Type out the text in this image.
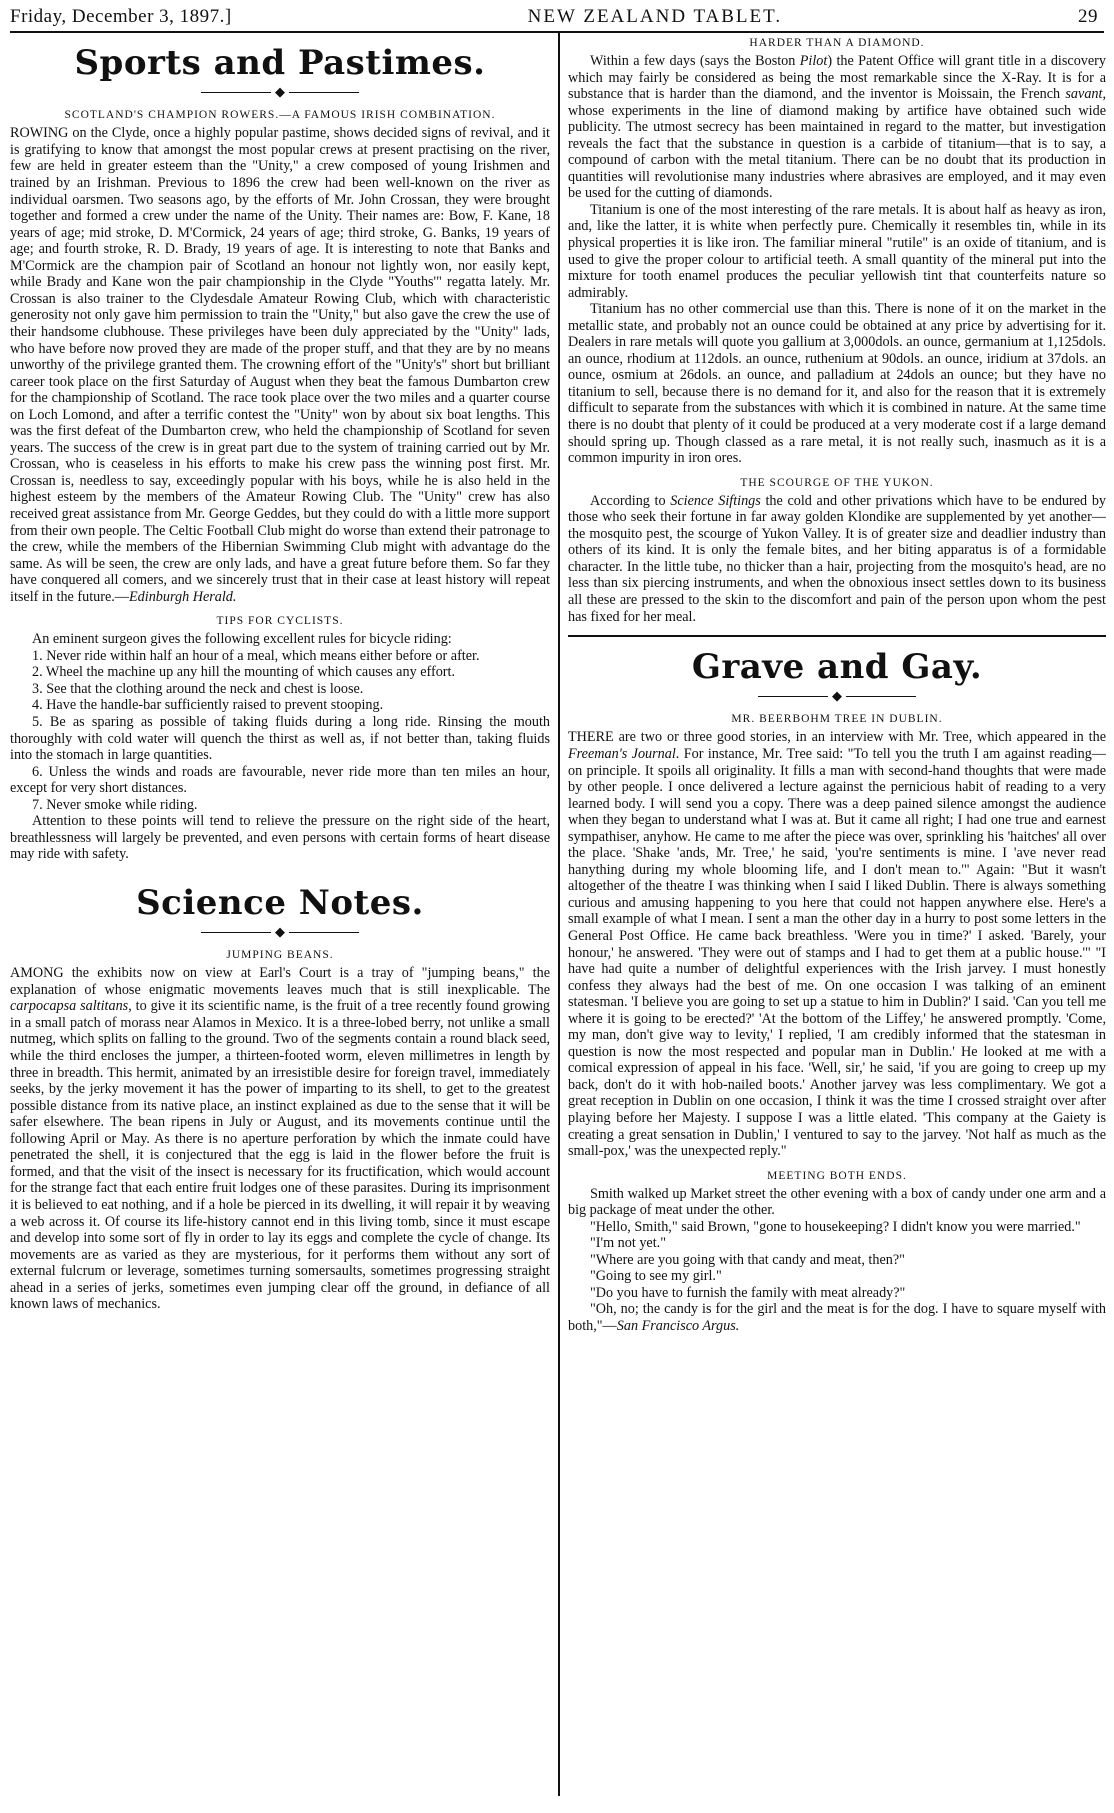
Friday, December 3, 1897.]	NEW ZEALAND TABLET.	29
Sports and Pastimes.
◆
SCOTLAND'S CHAMPION ROWERS.—A FAMOUS IRISH COMBINATION.

ROWING on the Clyde, once a highly popular pastime, shows decided signs of revival, and it is gratifying to know that amongst the most popular crews at present practising on the river, few are held in greater esteem than the "Unity," a crew composed of young Irishmen and trained by an Irishman. Previous to 1896 the crew had been well-known on the river as individual oarsmen. Two seasons ago, by the efforts of Mr. John Crossan, they were brought together and formed a crew under the name of the Unity. Their names are: Bow, F. Kane, 18 years of age; mid stroke, D. M'Cormick, 24 years of age; third stroke, G. Banks, 19 years of age; and fourth stroke, R. D. Brady, 19 years of age. It is interesting to note that Banks and M'Cormick are the champion pair of Scotland an honour not lightly won, nor easily kept, while Brady and Kane won the pair championship in the Clyde "Youths'" regatta lately. Mr. Crossan is also trainer to the Clydesdale Amateur Rowing Club, which with characteristic generosity not only gave him permission to train the "Unity," but also gave the crew the use of their handsome clubhouse. These privileges have been duly appreciated by the "Unity" lads, who have before now proved they are made of the proper stuff, and that they are by no means unworthy of the privilege granted them. The crowning effort of the "Unity's" short but brilliant career took place on the first Saturday of August when they beat the famous Dumbarton crew for the championship of Scotland. The race took place over the two miles and a quarter course on Loch Lomond, and after a terrific contest the "Unity" won by about six boat lengths. This was the first defeat of the Dumbarton crew, who held the championship of Scotland for seven years. The success of the crew is in great part due to the system of training carried out by Mr. Crossan, who is ceaseless in his efforts to make his crew pass the winning post first. Mr. Crossan is, needless to say, exceedingly popular with his boys, while he is also held in the highest esteem by the members of the Amateur Rowing Club. The "Unity" crew has also received great assistance from Mr. George Geddes, but they could do with a little more support from their own people. The Celtic Football Club might do worse than extend their patronage to the crew, while the members of the Hibernian Swimming Club might with advantage do the same. As will be seen, the crew are only lads, and have a great future before them. So far they have conquered all comers, and we sincerely trust that in their case at least history will repeat itself in the future.—Edinburgh Herald.

TIPS FOR CYCLISTS.

An eminent surgeon gives the following excellent rules for bicycle riding:

1. Never ride within half an hour of a meal, which means either before or after.

2. Wheel the machine up any hill the mounting of which causes any effort.

3. See that the clothing around the neck and chest is loose.

4. Have the handle-bar sufficiently raised to prevent stooping.

5. Be as sparing as possible of taking fluids during a long ride. Rinsing the mouth thoroughly with cold water will quench the thirst as well as, if not better than, taking fluids into the stomach in large quantities.

6. Unless the winds and roads are favourable, never ride more than ten miles an hour, except for very short distances.

7. Never smoke while riding.

Attention to these points will tend to relieve the pressure on the right side of the heart, breathlessness will largely be prevented, and even persons with certain forms of heart disease may ride with safety.

Science Notes.
◆
JUMPING BEANS.

AMONG the exhibits now on view at Earl's Court is a tray of "jumping beans," the explanation of whose enigmatic movements leaves much that is still inexplicable. The carpocapsa saltitans, to give it its scientific name, is the fruit of a tree recently found growing in a small patch of morass near Alamos in Mexico. It is a three-lobed berry, not unlike a small nutmeg, which splits on falling to the ground. Two of the segments contain a round black seed, while the third encloses the jumper, a thirteen-footed worm, eleven millimetres in length by three in breadth. This hermit, animated by an irresistible desire for foreign travel, immediately seeks, by the jerky movement it has the power of imparting to its shell, to get to the greatest possible distance from its native place, an instinct explained as due to the sense that it will be safer elsewhere. The bean ripens in July or August, and its movements continue until the following April or May. As there is no aperture perforation by which the inmate could have penetrated the shell, it is conjectured that the egg is laid in the flower before the fruit is formed, and that the visit of the insect is necessary for its fructification, which would account for the strange fact that each entire fruit lodges one of these parasites. During its imprisonment it is believed to eat nothing, and if a hole be pierced in its dwelling, it will repair it by weaving a web across it. Of course its life-history cannot end in this living tomb, since it must escape and develop into some sort of fly in order to lay its eggs and complete the cycle of change. Its movements are as varied as they are mysterious, for it performs them without any sort of external fulcrum or leverage, sometimes turning somersaults, sometimes progressing straight ahead in a series of jerks, sometimes even jumping clear off the ground, in defiance of all known laws of mechanics.

HARDER THAN A DIAMOND.

Within a few days (says the Boston Pilot) the Patent Office will grant title in a discovery which may fairly be considered as being the most remarkable since the X-Ray. It is for a substance that is harder than the diamond, and the inventor is Moissain, the French savant, whose experiments in the line of diamond making by artifice have obtained such wide publicity. The utmost secrecy has been maintained in regard to the matter, but investigation reveals the fact that the substance in question is a carbide of titanium—that is to say, a compound of carbon with the metal titanium. There can be no doubt that its production in quantities will revolutionise many industries where abrasives are employed, and it may even be used for the cutting of diamonds.

Titanium is one of the most interesting of the rare metals. It is about half as heavy as iron, and, like the latter, it is white when perfectly pure. Chemically it resembles tin, while in its physical properties it is like iron. The familiar mineral "rutile" is an oxide of titanium, and is used to give the proper colour to artificial teeth. A small quantity of the mineral put into the mixture for tooth enamel produces the peculiar yellowish tint that counterfeits nature so admirably.

Titanium has no other commercial use than this. There is none of it on the market in the metallic state, and probably not an ounce could be obtained at any price by advertising for it. Dealers in rare metals will quote you gallium at 3,000dols. an ounce, germanium at 1,125dols. an ounce, rhodium at 112dols. an ounce, ruthenium at 90dols. an ounce, iridium at 37dols. an ounce, osmium at 26dols. an ounce, and palladium at 24dols an ounce; but they have no titanium to sell, because there is no demand for it, and also for the reason that it is extremely difficult to separate from the substances with which it is combined in nature. At the same time there is no doubt that plenty of it could be produced at a very moderate cost if a large demand should spring up. Though classed as a rare metal, it is not really such, inasmuch as it is a common impurity in iron ores.

THE SCOURGE OF THE YUKON.

According to Science Siftings the cold and other privations which have to be endured by those who seek their fortune in far away golden Klondike are supplemented by yet another—the mosquito pest, the scourge of Yukon Valley. It is of greater size and deadlier industry than others of its kind. It is only the female bites, and her biting apparatus is of a formidable character. In the little tube, no thicker than a hair, projecting from the mosquito's head, are no less than six piercing instruments, and when the obnoxious insect settles down to its business all these are pressed to the skin to the discomfort and pain of the person upon whom the pest has fixed for her meal.

Grave and Gay.
◆
MR. BEERBOHM TREE IN DUBLIN.

THERE are two or three good stories, in an interview with Mr. Tree, which appeared in the Freeman's Journal. For instance, Mr. Tree said: "To tell you the truth I am against reading—on principle. It spoils all originality. It fills a man with second-hand thoughts that were made by other people. I once delivered a lecture against the pernicious habit of reading to a very learned body. I will send you a copy. There was a deep pained silence amongst the audience when they began to understand what I was at. But it came all right; I had one true and earnest sympathiser, anyhow. He came to me after the piece was over, sprinkling his 'haitches' all over the place. 'Shake 'ands, Mr. Tree,' he said, 'you're sentiments is mine. I 'ave never read hanything during my whole blooming life, and I don't mean to.'" Again: "But it wasn't altogether of the theatre I was thinking when I said I liked Dublin. There is always something curious and amusing happening to you here that could not happen anywhere else. Here's a small example of what I mean. I sent a man the other day in a hurry to post some letters in the General Post Office. He came back breathless. 'Were you in time?' I asked. 'Barely, your honour,' he answered. 'They were out of stamps and I had to get them at a public house.'" "I have had quite a number of delightful experiences with the Irish jarvey. I must honestly confess they always had the best of me. On one occasion I was talking of an eminent statesman. 'I believe you are going to set up a statue to him in Dublin?' I said. 'Can you tell me where it is going to be erected?' 'At the bottom of the Liffey,' he answered promptly. 'Come, my man, don't give way to levity,' I replied, 'I am credibly informed that the statesman in question is now the most respected and popular man in Dublin.' He looked at me with a comical expression of appeal in his face. 'Well, sir,' he said, 'if you are going to creep up my back, don't do it with hob-nailed boots.' Another jarvey was less complimentary. We got a great reception in Dublin on one occasion, I think it was the time I crossed straight over after playing before her Majesty. I suppose I was a little elated. 'This company at the Gaiety is creating a great sensation in Dublin,' I ventured to say to the jarvey. 'Not half as much as the small-pox,' was the unexpected reply."

MEETING BOTH ENDS.

Smith walked up Market street the other evening with a box of candy under one arm and a big package of meat under the other.

"Hello, Smith," said Brown, "gone to housekeeping? I didn't know you were married."

"I'm not yet."

"Where are you going with that candy and meat, then?"

"Going to see my girl."

"Do you have to furnish the family with meat already?"

"Oh, no; the candy is for the girl and the meat is for the dog. I have to square myself with both,"—San Francisco Argus.
